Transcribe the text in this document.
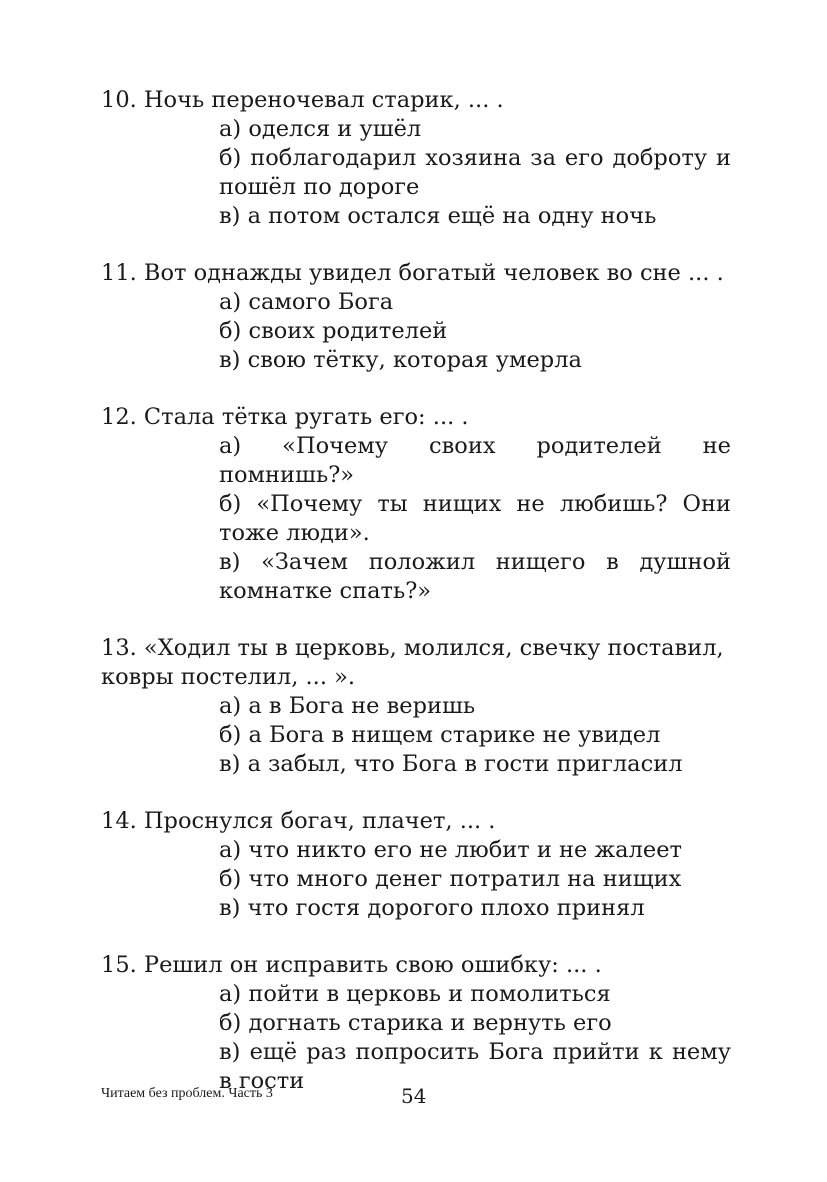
10. Ночь переночевал старик, ... .

а) оделся и ушёл
б) поблагодарил хозяина за его доброту и пошёл по дороге
в) а потом остался ещё на одну ночь

11. Вот однажды увидел богатый человек во сне ... .

а) самого Бога
б) своих родителей
в) свою тётку, которая умерла

12. Стала тётка ругать его: ... .

а) «Почему своих родителей не помнишь?»
б) «Почему ты нищих не любишь? Они тоже люди».
в) «Зачем положил нищего в душной комнатке спать?»

13. «Ходил ты в церковь, молился, свечку поставил, ковры постелил, ... ».

а) а в Бога не веришь
б) а Бога в нищем старике не увидел
в) а забыл, что Бога в гости пригласил

14. Проснулся богач, плачет, ... .

а) что никто его не любит и не жалеет
б) что много денег потратил на нищих
в) что гостя дорогого плохо принял

15. Решил он исправить свою ошибку: ... .

а) пойти в церковь и помолиться
б) догнать старика и вернуть его
в) ещё раз попросить Бога прийти к нему в гости
Читаем без проблем. Часть 3	54
